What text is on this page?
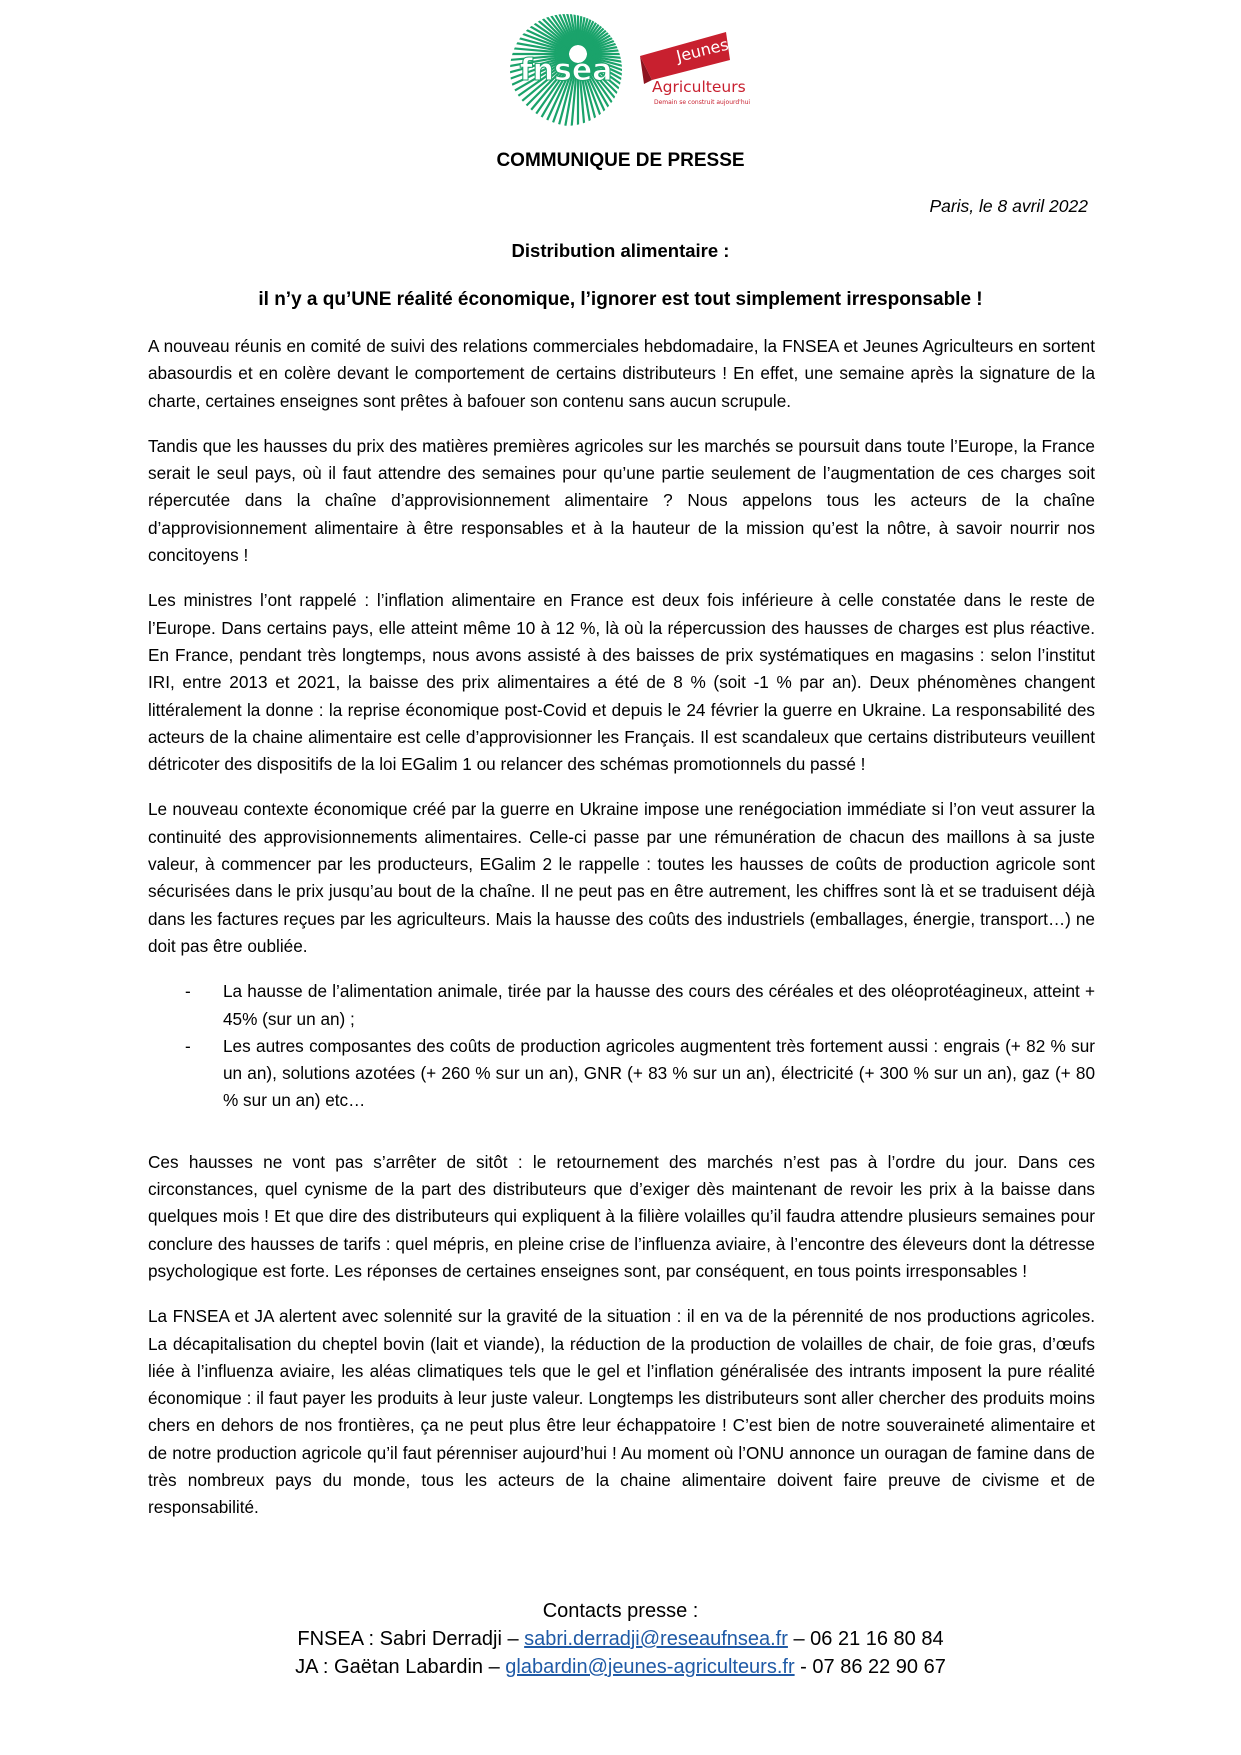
fnsea
Jeunes
Agriculteurs
Demain se construit aujourd'hui
COMMUNIQUE DE PRESSE
Paris, le 8 avril 2022
Distribution alimentaire :
il n’y a qu’UNE réalité économique, l’ignorer est tout simplement irresponsable !

A nouveau réunis en comité de suivi des relations commerciales hebdomadaire, la FNSEA et Jeunes Agriculteurs en sortent abasourdis et en colère devant le comportement de certains distributeurs ! En effet, une semaine après la signature de la charte, certaines enseignes sont prêtes à bafouer son contenu sans aucun scrupule.

Tandis que les hausses du prix des matières premières agricoles sur les marchés se poursuit dans toute l’Europe, la France serait le seul pays, où il faut attendre des semaines pour qu’une partie seulement de l’augmentation de ces charges soit répercutée dans la chaîne d’approvisionnement alimentaire ? Nous appelons tous les acteurs de la chaîne d’approvisionnement alimentaire à être responsables et à la hauteur de la mission qu’est la nôtre, à savoir nourrir nos concitoyens !

Les ministres l’ont rappelé : l’inflation alimentaire en France est deux fois inférieure à celle constatée dans le reste de l’Europe. Dans certains pays, elle atteint même 10 à 12 %, là où la répercussion des hausses de charges est plus réactive. En France, pendant très longtemps, nous avons assisté à des baisses de prix systématiques en magasins : selon l’institut IRI, entre 2013 et 2021, la baisse des prix alimentaires a été de 8 % (soit -1 % par an). Deux phénomènes changent littéralement la donne : la reprise économique post-Covid et depuis le 24 février la guerre en Ukraine. La responsabilité des acteurs de la chaine alimentaire est celle d’approvisionner les Français. Il est scandaleux que certains distributeurs veuillent détricoter des dispositifs de la loi EGalim 1 ou relancer des schémas promotionnels du passé !

Le nouveau contexte économique créé par la guerre en Ukraine impose une renégociation immédiate si l’on veut assurer la continuité des approvisionnements alimentaires. Celle-ci passe par une rémunération de chacun des maillons à sa juste valeur, à commencer par les producteurs, EGalim 2 le rappelle : toutes les hausses de coûts de production agricole sont sécurisées dans le prix jusqu’au bout de la chaîne. Il ne peut pas en être autrement, les chiffres sont là et se traduisent déjà dans les factures reçues par les agriculteurs. Mais la hausse des coûts des industriels (emballages, énergie, transport…) ne doit pas être oubliée.

- La hausse de l’alimentation animale, tirée par la hausse des cours des céréales et des oléoprotéagineux, atteint + 45% (sur un an) ;
- Les autres composantes des coûts de production agricoles augmentent très fortement aussi : engrais (+ 82 % sur un an), solutions azotées (+ 260 % sur un an), GNR (+ 83 % sur un an), électricité (+ 300 % sur un an), gaz (+ 80 % sur un an) etc…

Ces hausses ne vont pas s’arrêter de sitôt : le retournement des marchés n’est pas à l’ordre du jour. Dans ces circonstances, quel cynisme de la part des distributeurs que d’exiger dès maintenant de revoir les prix à la baisse dans quelques mois ! Et que dire des distributeurs qui expliquent à la filière volailles qu’il faudra attendre plusieurs semaines pour conclure des hausses de tarifs : quel mépris, en pleine crise de l’influenza aviaire, à l’encontre des éleveurs dont la détresse psychologique est forte. Les réponses de certaines enseignes sont, par conséquent, en tous points irresponsables !

La FNSEA et JA alertent avec solennité sur la gravité de la situation : il en va de la pérennité de nos productions agricoles. La décapitalisation du cheptel bovin (lait et viande), la réduction de la production de volailles de chair, de foie gras, d’œufs liée à l’influenza aviaire, les aléas climatiques tels que le gel et l’inflation généralisée des intrants imposent la pure réalité économique : il faut payer les produits à leur juste valeur. Longtemps les distributeurs sont aller chercher des produits moins chers en dehors de nos frontières, ça ne peut plus être leur échappatoire ! C’est bien de notre souveraineté alimentaire et de notre production agricole qu’il faut pérenniser aujourd’hui ! Au moment où l’ONU annonce un ouragan de famine dans de très nombreux pays du monde, tous les acteurs de la chaine alimentaire doivent faire preuve de civisme et de responsabilité.

Contacts presse :
FNSEA : Sabri Derradji – sabri.derradji@reseaufnsea.fr – 06 21 16 80 84
JA : Gaëtan Labardin – glabardin@jeunes-agriculteurs.fr - 07 86 22 90 67
